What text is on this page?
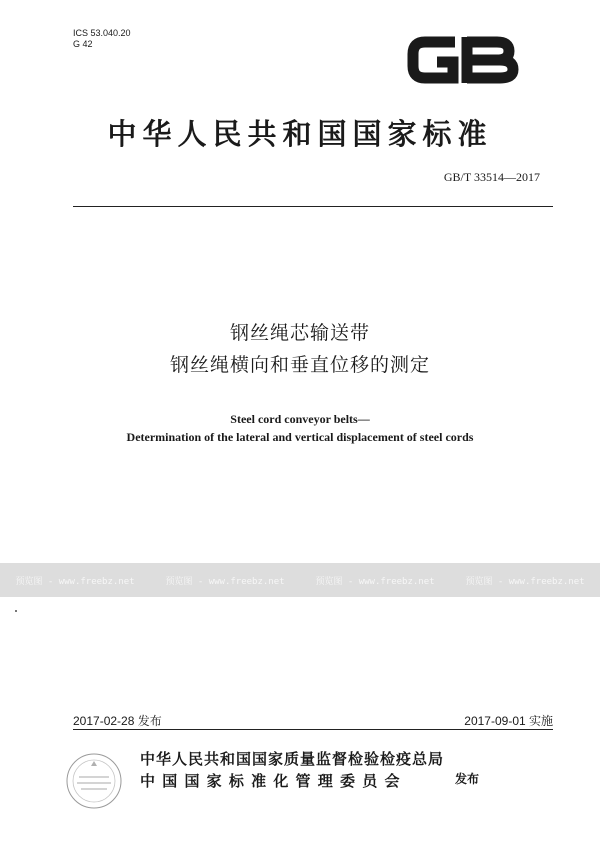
ICS 53.040.20
G 42
中华人民共和国国家标准
GB/T 33514—2017
钢丝绳芯输送带
钢丝绳横向和垂直位移的测定
Steel cord conveyor belts—
Determination of the lateral and vertical displacement of steel cords
预览图 - www.freebz.net	预览图 - www.freebz.net	预览图 - www.freebz.net	预览图 - www.freebz.net
2017-02-28 发布	2017-09-01 实施
中华人民共和国国家质量监督检验检疫总局
中 国 国 家 标 准 化 管 理 委 员 会	发布
